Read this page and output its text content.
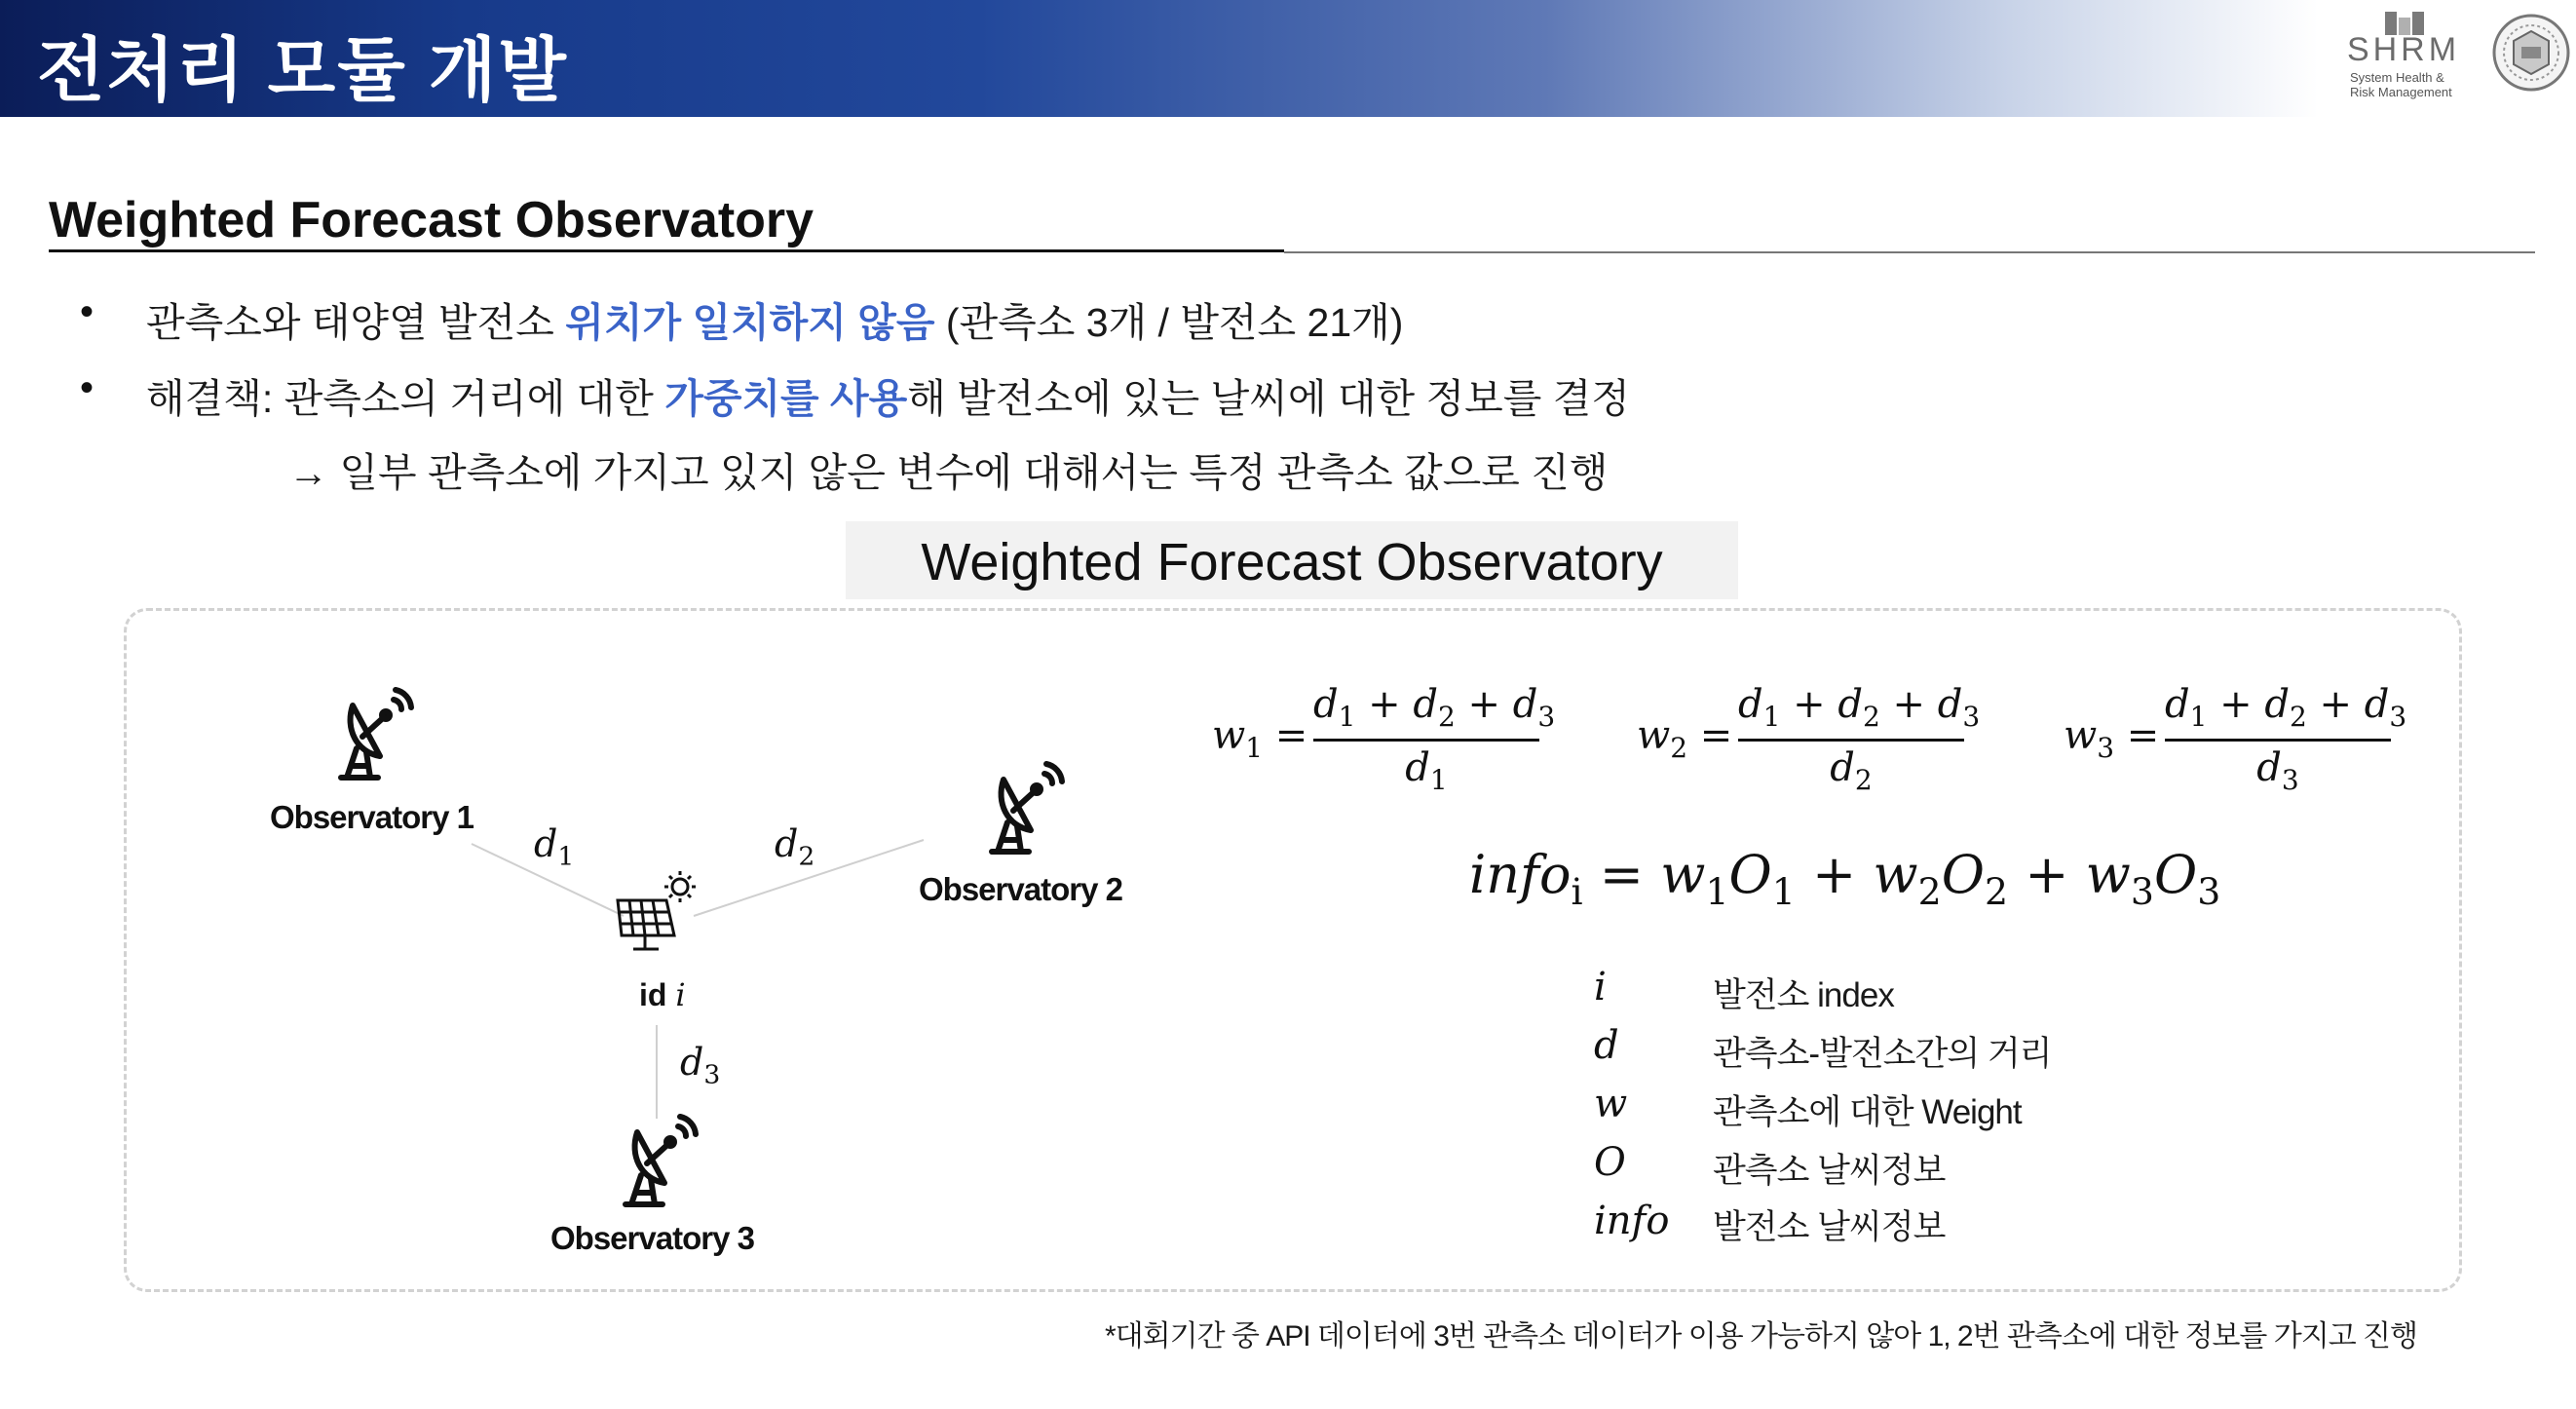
전처리 모듈 개발	SHRM
System Health &
Risk Management
Weighted Forecast Observatory
• 관측소와 태양열 발전소 위치가 일치하지 않음 (관측소 3개 / 발전소 21개)
• 해결책: 관측소의 거리에 대한 가중치를 사용해 발전소에 있는 날씨에 대한 정보를 결정
→ 일부 관측소에 가지고 있지 않은 변수에 대해서는 특정 관측소 값으로 진행
Weighted Forecast Observatory
Observatory 1
Observatory 2
Observatory 3
id i
$d_1$	$d_2$
$d_3$
$w_1 = \frac{d_1 + d_2 + d_3}{d_1}$	$w_2 = \frac{d_1 + d_2 + d_3}{d_2}$	$w_3 = \frac{d_1 + d_2 + d_3}{d_3}$
info$_i$ = $w_1O_1 + w_2O_2 + w_3O_3$
i	발전소 index
d	관측소-발전소간의 거리
w	관측소에 대한 Weight
O	관측소 날씨정보
info 발전소 날씨정보
*대회기간 중 API 데이터에 3번 관측소 데이터가 이용 가능하지 않아 1, 2번 관측소에 대한 정보를 가지고 진행
